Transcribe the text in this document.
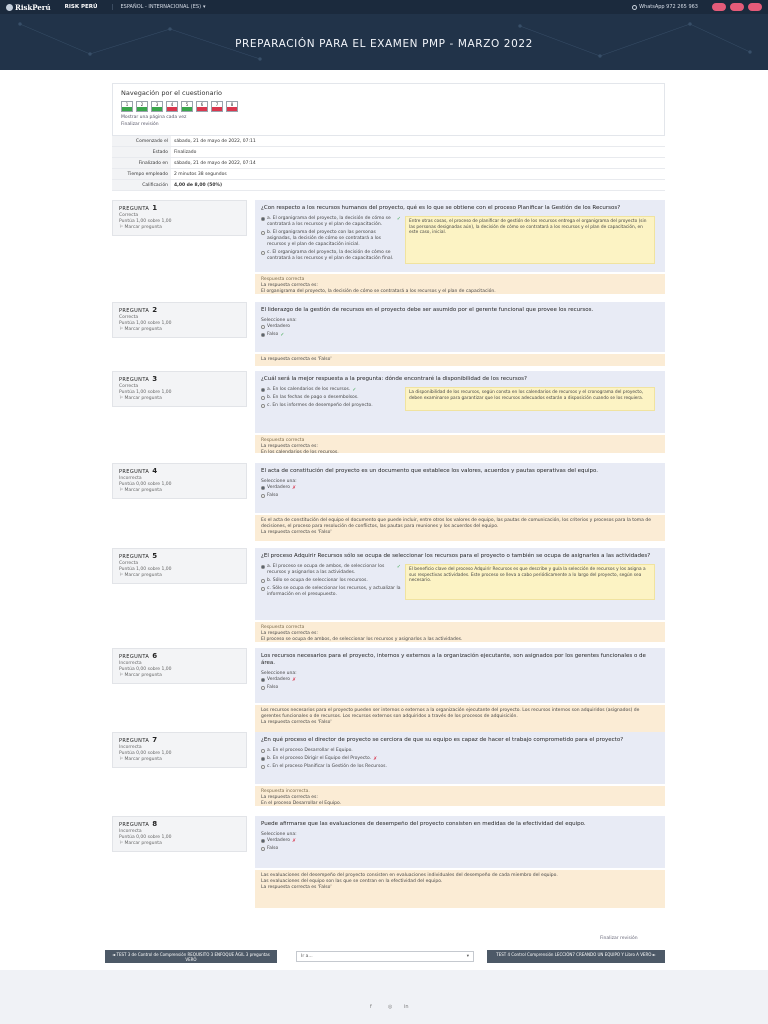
RiskPerú	RISK PERÚ	ESPAÑOL - INTERNACIONAL (ES) ▾	WhatsApp 972 265 963
PREPARACIÓN PARA EL EXAMEN PMP - MARZO 2022
Navegación por el cuestionario
1	2	3	4	5	6	7	8
Mostrar una página cada vez
Finalizar revisión
Comenzado el	sábado, 21 de mayo de 2022, 07:11
Estado	Finalizado
Finalizado en	sábado, 21 de mayo de 2022, 07:14
Tiempo empleado	2 minutos 38 segundos
Calificación	4,00 de 8,00 (50%)
PREGUNTA 1
Correcta
Puntúa 1,00 sobre 1,00
⚐ Marcar pregunta
¿Con respecto a los recursos humanos del proyecto, qué es lo que se obtiene con el proceso Planificar la Gestión de los Recursos?
a. El organigrama del proyecto, la decisión de cómo se contratará a los recursos y el plan de capacitación.
✓
b. El organigrama del proyecto con las personas asignadas, la decisión de cómo se contratará a los recursos y el plan de capacitación inicial.
c. El organigrama del proyecto, la decisión de cómo se contratará a los recursos y el plan de capacitación final.
Entre otras cosas, el proceso de planificar de gestión de los recursos entrega el organigrama del proyecto (sin las personas designadas aún), la decisión de cómo se contratará a los recursos y el plan de capacitación, en este caso, inicial.
Respuesta correcta
La respuesta correcta es:
El organigrama del proyecto, la decisión de cómo se contratará a los recursos y el plan de capacitación.
PREGUNTA 2
Correcta
Puntúa 1,00 sobre 1,00
⚐ Marcar pregunta
El liderazgo de la gestión de recursos en el proyecto debe ser asumido por el gerente funcional que provee los recursos.
Seleccione una:
Verdadero
Falso ✓
La respuesta correcta es 'Falso'
PREGUNTA 3
Correcta
Puntúa 1,00 sobre 1,00
⚐ Marcar pregunta
¿Cuál será la mejor respuesta a la pregunta: dónde encontraré la disponibilidad de los recursos?
a. En los calendarios de los recursos. ✓
b. En las fechas de pago o desembolsos.
c. En los informes de desempeño del proyecto.
La disponibilidad de los recursos, según consta en los calendarios de recursos y el cronograma del proyecto, deben examinarse para garantizar que los recursos adecuados estarán a disposición cuando se los requiera.
Respuesta correcta
La respuesta correcta es:
En los calendarios de los recursos.
PREGUNTA 4
Incorrecta
Puntúa 0,00 sobre 1,00
⚐ Marcar pregunta
El acta de constitución del proyecto es un documento que establece los valores, acuerdos y pautas operativas del equipo.
Seleccione una:
Verdadero ✗
Falso
Es el acta de constitución del equipo el documento que puede incluir, entre otros los valores de equipo, las pautas de comunicación, los criterios y procesos para la toma de decisiones, el proceso para resolución de conflictos, las pautas para reuniones y los acuerdos del equipo.
La respuesta correcta es 'Falso'
PREGUNTA 5
Correcta
Puntúa 1,00 sobre 1,00
⚐ Marcar pregunta
¿El proceso Adquirir Recursos sólo se ocupa de seleccionar los recursos para el proyecto o también se ocupa de asignarles a las actividades?
a. El proceso se ocupa de ambos, de seleccionar los recursos y asignarlos a las actividades.
✓
b. Sólo se ocupa de seleccionar los recursos.
c. Sólo se ocupa de seleccionar los recursos, y actualizar la información en el presupuesto.
El beneficio clave del proceso Adquirir Recursos es que describe y guía la selección de recursos y los asigna a sus respectivas actividades. Este proceso se lleva a cabo periódicamente a lo largo del proyecto, según sea necesario.
Respuesta correcta
La respuesta correcta es:
El proceso se ocupa de ambos, de seleccionar los recursos y asignarlos a las actividades.
PREGUNTA 6
Incorrecta
Puntúa 0,00 sobre 1,00
⚐ Marcar pregunta
Los recursos necesarios para el proyecto, internos y externos a la organización ejecutante, son asignados por los gerentes funcionales o de área.
Seleccione una:
Verdadero ✗
Falso
Los recursos necesarios para el proyecto pueden ser internos o externos a la organización ejecutante del proyecto. Los recursos internos son adquiridos (asignados) de gerentes funcionales o de recursos. Los recursos externos son adquiridos a través de los procesos de adquisición.
La respuesta correcta es 'Falso'
PREGUNTA 7
Incorrecta
Puntúa 0,00 sobre 1,00
⚐ Marcar pregunta
¿En qué proceso el director de proyecto se cerciora de que su equipo es capaz de hacer el trabajo comprometido para el proyecto?
a. En el proceso Desarrollar el Equipo.
b. En el proceso Dirigir el Equipo del Proyecto. ✗
c. En el proceso Planificar la Gestión de los Recursos.
Respuesta incorrecta.
La respuesta correcta es:
En el proceso Desarrollar el Equipo.
PREGUNTA 8
Incorrecta
Puntúa 0,00 sobre 1,00
⚐ Marcar pregunta
Puede afirmarse que las evaluaciones de desempeño del proyecto consisten en medidas de la efectividad del equipo.
Seleccione una:
Verdadero ✗
Falso
Las evaluaciones del desempeño del proyecto consisten en evaluaciones individuales del desempeño de cada miembro del equipo.
Las evaluaciones del equipo son las que se centran en la efectividad del equipo.
La respuesta correcta es 'Falso'
Finalizar revisión
◄ TEST 3 de Control de Comprensión REQUISITO 3 ENFOQUE ÁGIL 3 preguntas VERO	Ir a...	▾	TEST 4 Control Comprensión LECCIÓN7 CREANDO UN EQUIPO Y Libro A VERO ►
f	◎ in
